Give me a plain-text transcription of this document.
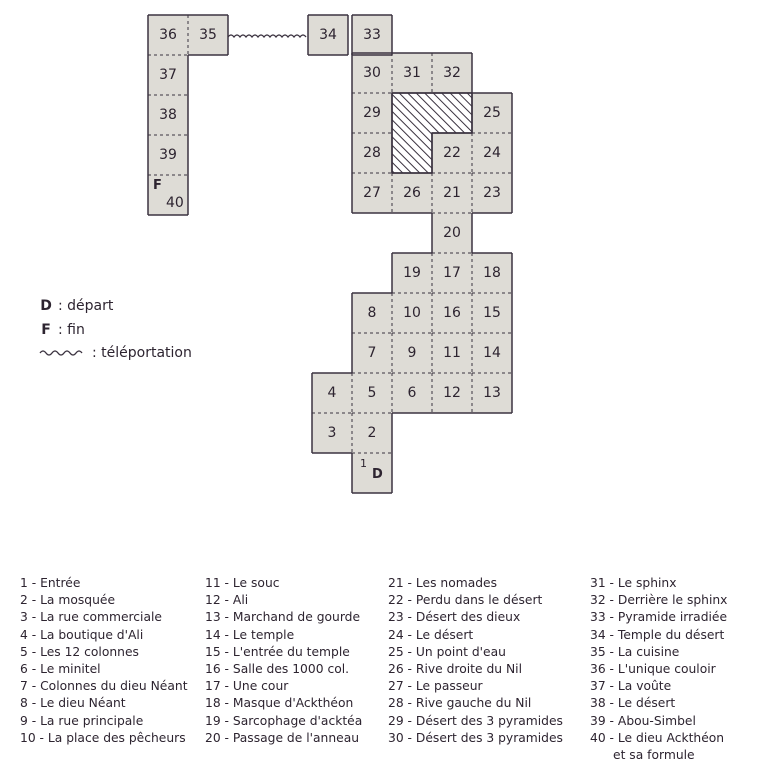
1
D
2
3
4	5	6
7
8
9
10
11
12	13
14
15
16
17	18
19
20
21
22
23
24
25
26
27
28
29
30	31	32
33
34
35
36
37
38
39
40
F
D : départ
F : fin
: téléportation
1 - Entrée
2 - La mosquée
3 - La rue commerciale
4 - La boutique d'Ali
5 - Les 12 colonnes
6 - Le minitel
7 - Colonnes du dieu Néant
8 - Le dieu Néant
9 - La rue principale
10 - La place des pêcheurs
11 - Le souc
12 - Ali
13 - Marchand de gourde
14 - Le temple
15 - L'entrée du temple
16 - Salle des 1000 col.
17 - Une cour
18 - Masque d'Ackthéon
19 - Sarcophage d'acktéa
20 - Passage de l'anneau
21 - Les nomades
22 - Perdu dans le désert
23 - Désert des dieux
24 - Le désert
25 - Un point d'eau
26 - Rive droite du Nil
27 - Le passeur
28 - Rive gauche du Nil
29 - Désert des 3 pyramides
30 - Désert des 3 pyramides
31 - Le sphinx
32 - Derrière le sphinx
33 - Pyramide irradiée
34 - Temple du désert
35 - La cuisine
36 - L'unique couloir
37 - La voûte
38 - Le désert
39 - Abou-Simbel
40 - Le dieu Ackthéon
et sa formule
